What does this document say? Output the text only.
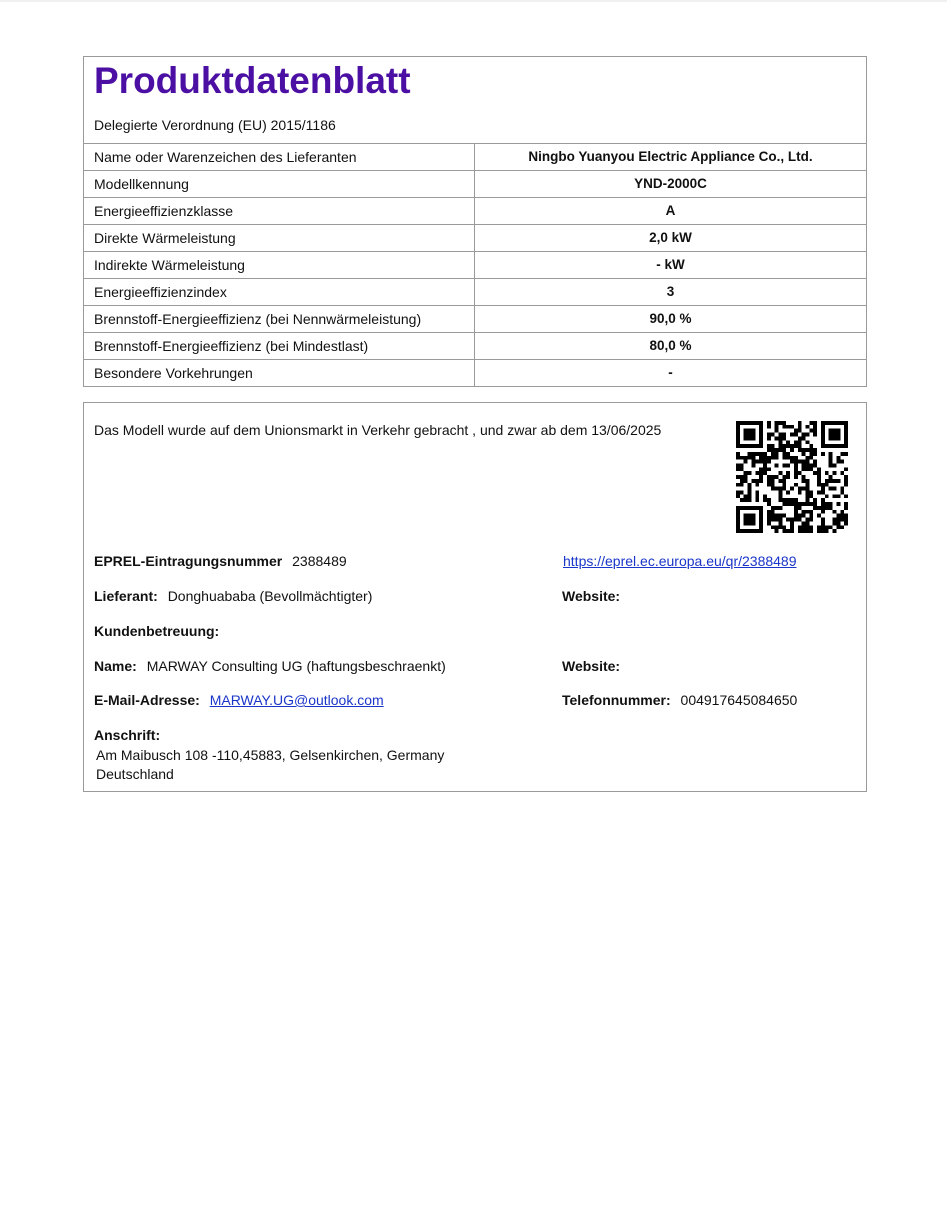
Produktdatenblatt
Delegierte Verordnung (EU) 2015/1186
Name oder Warenzeichen des Lieferanten	Ningbo Yuanyou Electric Appliance Co., Ltd.
Modellkennung	YND-2000C
Energieeffizienzklasse	A
Direkte Wärmeleistung	2,0 kW
Indirekte Wärmeleistung	- kW
Energieeffizienzindex	3
Brennstoff-Energieeffizienz (bei Nennwärmeleistung)	90,0 %
Brennstoff-Energieeffizienz (bei Mindestlast)	80,0 %
Besondere Vorkehrungen	-
Das Modell wurde auf dem Unionsmarkt in Verkehr gebracht , und zwar ab dem 13/06/2025
EPREL-Eintragungsnummer 2388489	https://eprel.ec.europa.eu/qr/2388489
Lieferant: Donghuababa (Bevollmächtigter)	Website:
Kundenbetreuung:
Name: MARWAY Consulting UG (haftungsbeschraenkt)	Website:
E-Mail-Adresse: MARWAY.UG@outlook.com	Telefonnummer: 004917645084650
Anschrift:
Am Maibusch 108 -110,45883, Gelsenkirchen, Germany
Deutschland
